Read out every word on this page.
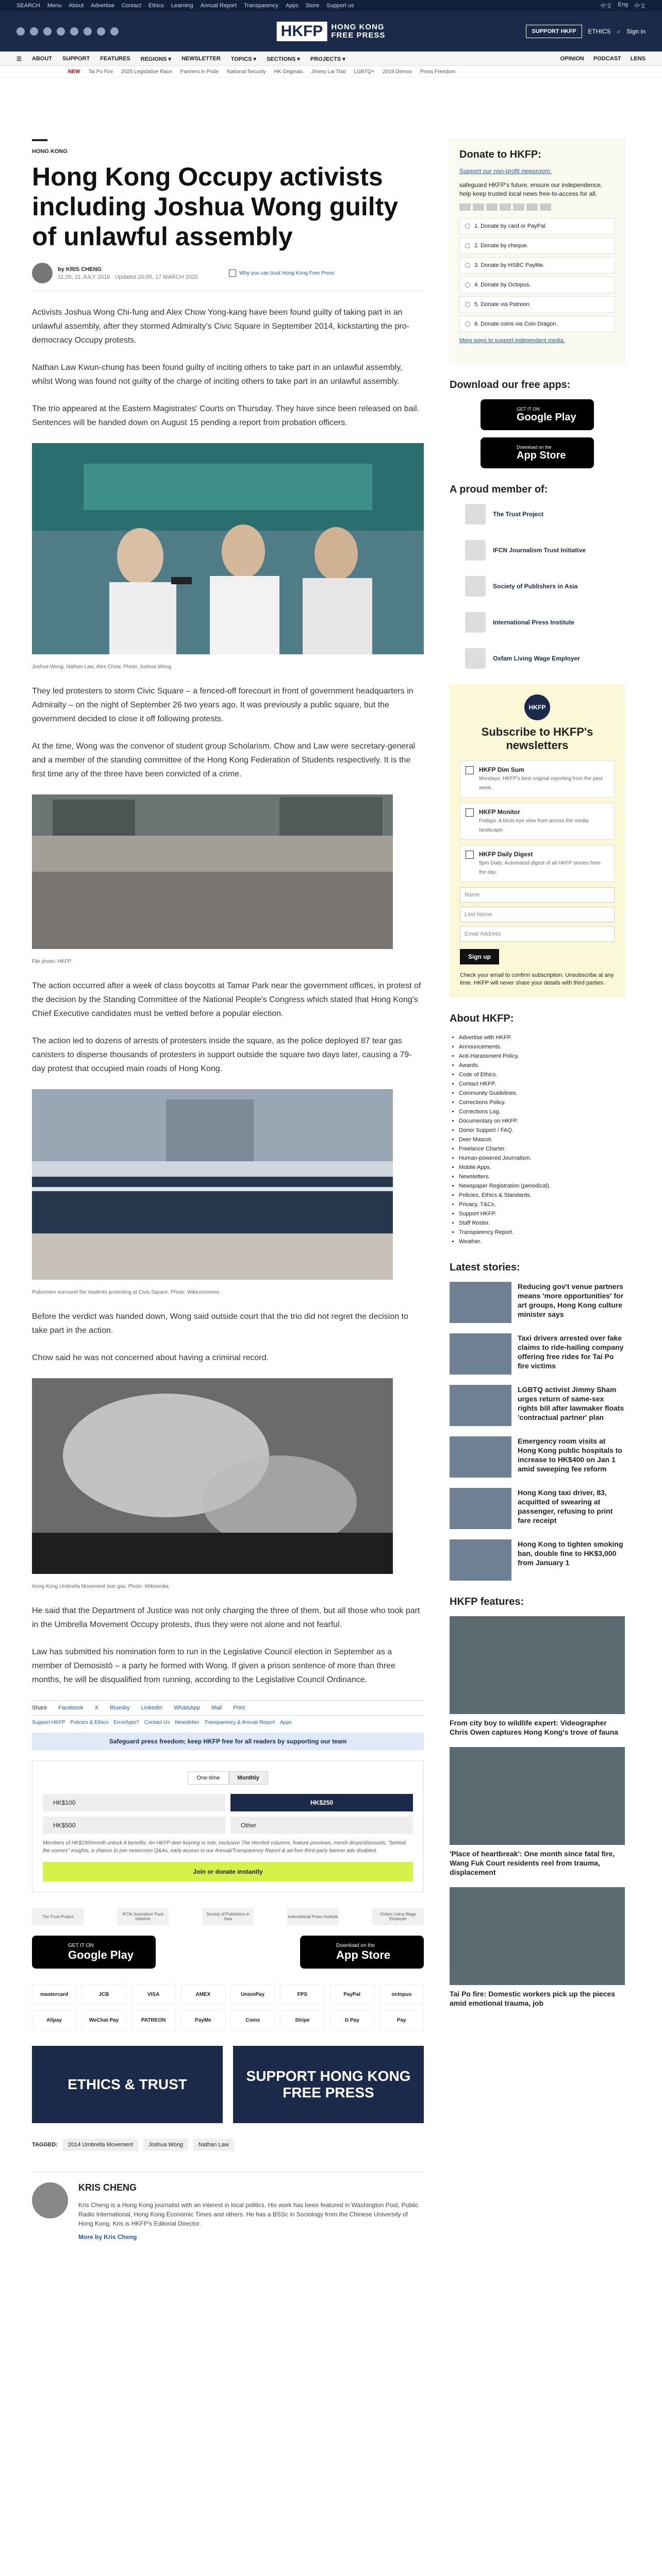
SEARCH Menu About Advertise Contact Ethics Learning Annual Report Transparency Apps Store Support us	中文 Eng 中文
HKFP	HONG KONG
FREE PRESS	SUPPORT HKFP	ETHICS ⌕ Sign in
☰ ABOUT SUPPORT FEATURES REGIONS ▾ NEWSLETTER TOPICS ▾ SECTIONS ▾ PROJECTS ▾	OPINION PODCAST LENS
NEW Tai Po Fire 2025 Legislative Race Partners in Pride National Security HK Originals Jimmy Lai Trial LGBTQ+ 2019 Demos Press Freedom
HONG KONG
Hong Kong Occupy activists including Joshua Wong guilty of unlawful assembly
by KRIS CHENG
11:26, 21 JULY 2016 Updated 20:05, 17 MARCH 2020
Why you can trust Hong Kong Free Press

Activists Joshua Wong Chi-fung and Alex Chow Yong-kang have been found guilty of taking part in an unlawful assembly, after they stormed Admiralty's Civic Square in September 2014, kickstarting the pro-democracy Occupy protests.

Nathan Law Kwun-chung has been found guilty of inciting others to take part in an unlawful assembly, whilst Wong was found not guilty of the charge of inciting others to take part in an unlawful assembly.

The trio appeared at the Eastern Magistrates' Courts on Thursday. They have since been released on bail. Sentences will be handed down on August 15 pending a report from probation officers.

Joshua Wong, Nathan Law, Alex Chow. Photo: Joshua Wong.

They led protesters to storm Civic Square – a fenced-off forecourt in front of government headquarters in Admiralty – on the night of September 26 two years ago. It was previously a public square, but the government decided to close it off following protests.

At the time, Wong was the convenor of student group Scholarism. Chow and Law were secretary-general and a member of the standing committee of the Hong Kong Federation of Students respectively. It is the first time any of the three have been convicted of a crime.

File photo: HKFP.

The action occurred after a week of class boycotts at Tamar Park near the government offices, in protest of the decision by the Standing Committee of the National People's Congress which stated that Hong Kong's Chief Executive candidates must be vetted before a popular election.

The action led to dozens of arrests of protesters inside the square, as the police deployed 87 tear gas canisters to disperse thousands of protesters in support outside the square two days later, causing a 79-day protest that occupied main roads of Hong Kong.

Policemen surround the students protesting at Civic Square. Photo: Wikicommons.

Before the verdict was handed down, Wong said outside court that the trio did not regret the decision to take part in the action.

Chow said he was not concerned about having a criminal record.

Hong Kong Umbrella Movement tear gas. Photo: Wikimedia.

He said that the Department of Justice was not only charging the three of them, but all those who took part in the Umbrella Movement Occupy protests, thus they were not alone and not fearful.

Law has submitted his nomination form to run in the Legislative Council election in September as a member of Demosistō – a party he formed with Wong. If given a prison sentence of more than three months, he will be disqualified from running, according to the Legislative Council Ordinance.

Share Facebook X Bluesky LinkedIn WhatsApp Mail Print
Support HKFP Policies & Ethics Error/typo? Contact Us Newsletter Transparency & Annual Report Apps
Safeguard press freedom; keep HKFP free for all readers by supporting our team
One-time	Monthly
HK$100	HK$250
HK$500	Other
Members of HK$150/month unlock 8 benefits: An HKFP deer keyring or tote, exclusive The Hemlett columns, feature previews, merch drops/discounts, "behind the scenes" insights, a chance to join newsroom Q&As, early access to our Annual/Transparency Report & ad-free third-party banner ads disabled.
Join or donate instantly
The Trust Project	IFCN Journalism Trust Initiative
Society of Publishers in Asia	International Press Institute	Oxfam Living Wage Employer
GET IT ON
Google Play
Download on the
App Store
mastercard	JCB	VISA	AMEX	UnionPay	FPS	PayPal	octopus
Alipay	WeChat Pay	PATREON	PayMe	Coins	Stripe	G Pay	Pay
ETHICS & TRUST
SUPPORT HONG KONG FREE PRESS
TAGGED:	2014 Umbrella Movement	Joshua Wong	Nathan Law
KRIS CHENG

Kris Cheng is a Hong Kong journalist with an interest in local politics. His work has been featured in Washington Post, Public Radio International, Hong Kong Economic Times and others. He has a BSSc in Sociology from the Chinese University of Hong Kong. Kris is HKFP's Editorial Director.

More by Kris Cheng
Donate to HKFP:

Support our non-profit newsroom:

safeguard HKFP's future, ensure our independence, help keep trusted local news free-to-access for all.

1. Donate by card or PayPal.
2. Donate by cheque.
3. Donate by HSBC PayMe.
4. Donate by Octopus.
5. Donate via Patreon.
6. Donate coins via Coin Dragon.
More ways to support independent media.
Download our free apps:
GET IT ON
Google Play
Download on the
App Store
A proud member of:
The Trust Project
IFCN Journalism Trust Initiative
Society of Publishers in Asia
International Press Institute
Oxfam Living Wage Employer
HKFP
Subscribe to HKFP's newsletters
HKFP Dim Sum
Mondays: HKFP's best original reporting from the past week.
HKFP Monitor
Fridays: A birds-eye view from across the media landscape.
HKFP Daily Digest
5pm Daily: Automated digest of all HKFP stories from the day.
Name
Last Name
Email Address
Sign up

Check your email to confirm subscription. Unsubscribe at any time. HKFP will never share your details with third parties.

About HKFP:
• Advertise with HKFP.
• Announcements.
• Anti-Harassment Policy.
• Awards.
• Code of Ethics.
• Contact HKFP.
• Community Guidelines.
• Corrections Policy.
• Corrections Log.
• Documentary on HKFP.
• Donor Support / FAQ.
• Deer Mascot.
• Freelance Charter.
• Human-powered Journalism.
• Mobile Apps.
• Newsletters.
• Newspaper Registration (periodical).
• Policies, Ethics & Standards.
• Privacy, T&Cs.
• Support HKFP.
• Staff Roster.
• Transparency Report.
• Weather.
Latest stories:
Reducing gov't venue partners means 'more opportunities' for art groups, Hong Kong culture minister says
Taxi drivers arrested over fake claims to ride-hailing company offering free rides for Tai Po fire victims
LGBTQ activist Jimmy Sham urges return of same-sex rights bill after lawmaker floats 'contractual partner' plan
Emergency room visits at Hong Kong public hospitals to increase to HK$400 on Jan 1 amid sweeping fee reform
Hong Kong taxi driver, 83, acquitted of swearing at passenger, refusing to print fare receipt
Hong Kong to tighten smoking ban, double fine to HK$3,000 from January 1
HKFP features:
From city boy to wildlife expert: Videographer Chris Owen captures Hong Kong's trove of fauna
'Place of heartbreak': One month since fatal fire, Wang Fuk Court residents reel from trauma, displacement
Tai Po fire: Domestic workers pick up the pieces amid emotional trauma, job
